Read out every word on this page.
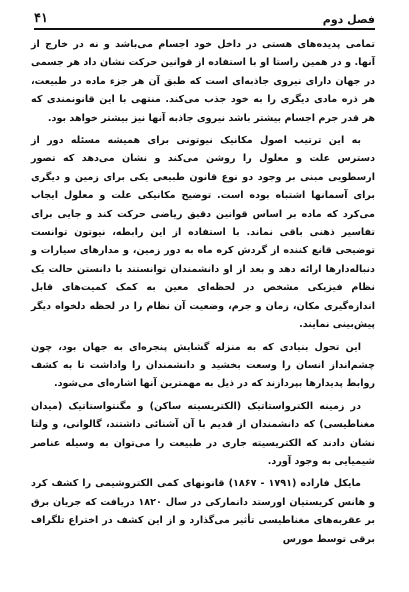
۴۱	فصل دوم

تمامی پدیده‌های هستی در داخل خود اجسام می‌باشد و نه در خارج از آنها. و در همین راستا او با استفاده از قوانین حرکت نشان داد هر جسمی در جهان دارای نیروی جاذبه‌ای است که طبق آن هر جزء ماده در طبیعت، هر ذره مادی دیگری را به خود جذب می‌کند. منتهی با این قانونمندی که هر قدر جرم اجسام بیشتر باشد نیروی جاذبه آنها نیز بیشتر خواهد بود.

به این ترتیب اصول مکانیک نیوتونی برای همیشه مسئله دور از دسترس علت و معلول را روشن می‌کند و نشان می‌دهد که تصور ارسطویی مبنی بر وجود دو نوع قانون طبیعی یکی برای زمین و دیگری برای آسمانها اشتباه بوده است. توضیح مکانیکی علت و معلول ایجاب می‌کرد که ماده بر اساس قوانین دقیق ریاضی حرکت کند و جایی برای تفاسیر ذهنی باقی نماند. با استفاده از این رابطه، نیوتون توانست توضیحی قانع کننده از گردش کره ماه به دور زمین، و مدارهای سیارات و دنباله‌دارها ارائه دهد و بعد از او دانشمندان توانستند با دانستن حالت یک نظام فیزیکی مشخص در لحظه‌ای معین به کمک کمیت‌های قابل اندازه‌گیری مکان، زمان و جرم، وضعیت آن نظام را در لحظه دلخواه دیگر پیش‌بینی نمایند.

این تحول بنیادی که به منزله گشایش پنجره‌ای به جهان بود، چون چشم‌انداز انسان را وسعت بخشید و دانشمندان را واداشت تا به کشف روابط پدیدارها بپردازند که در ذیل به مهمترین آنها اشاره‌ای می‌شود.

در زمینه الکترواستاتیک (الکتریسیته ساکن) و مگنتواستاتیک (میدان مغناطیسی) که دانشمندان از قدیم با آن آشنائی داشتند، گالوانی، و ولتا نشان دادند که الکتریسیته جاری در طبیعت را می‌توان به وسیله عناصر شیمیایی به وجود آورد.

مایکل فاراده (۱۷۹۱ - ۱۸۶۷) قانونهای کمی الکتروشیمی را کشف کرد و هانس کریستیان اورستد دانمارکی در سال ۱۸۲۰ دریافت که جریان برق بر عقربه‌های مغناطیسی تأثیر می‌گذارد و از این کشف در اختراع تلگراف برقی توسط مورس
